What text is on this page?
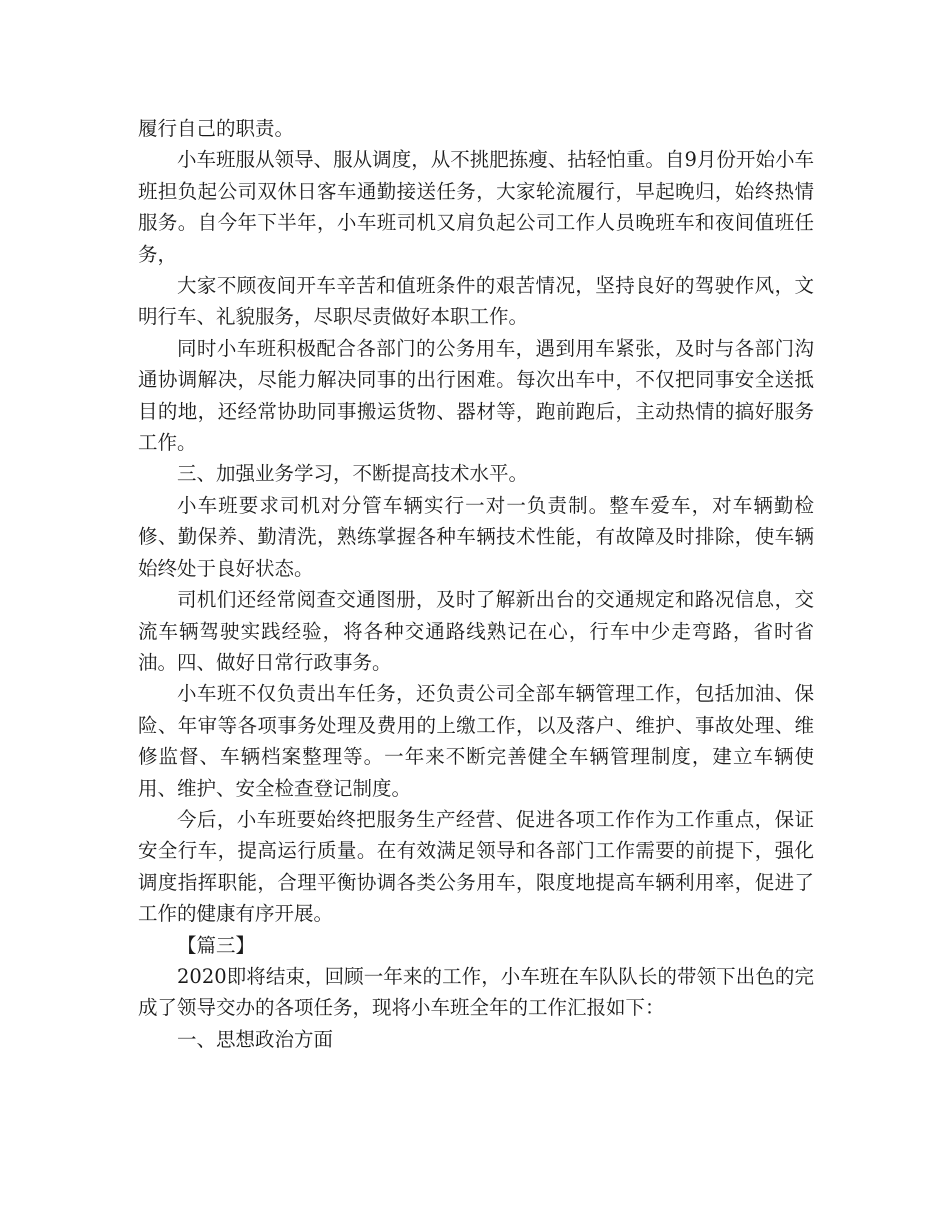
履行自己的职责。

小车班服从领导、服从调度，从不挑肥拣瘦、拈轻怕重。自9月份开始小车班担负起公司双休日客车通勤接送任务，大家轮流履行，早起晚归，始终热情服务。自今年下半年，小车班司机又肩负起公司工作人员晚班车和夜间值班任务，

大家不顾夜间开车辛苦和值班条件的艰苦情况，坚持良好的驾驶作风，文明行车、礼貌服务，尽职尽责做好本职工作。

同时小车班积极配合各部门的公务用车，遇到用车紧张，及时与各部门沟通协调解决，尽能力解决同事的出行困难。每次出车中，不仅把同事安全送抵目的地，还经常协助同事搬运货物、器材等，跑前跑后，主动热情的搞好服务工作。

三、加强业务学习，不断提高技术水平。

小车班要求司机对分管车辆实行一对一负责制。整车爱车，对车辆勤检修、勤保养、勤清洗，熟练掌握各种车辆技术性能，有故障及时排除，使车辆始终处于良好状态。

司机们还经常阅查交通图册，及时了解新出台的交通规定和路况信息，交流车辆驾驶实践经验，将各种交通路线熟记在心，行车中少走弯路，省时省油。四、做好日常行政事务。

小车班不仅负责出车任务，还负责公司全部车辆管理工作，包括加油、保险、年审等各项事务处理及费用的上缴工作，以及落户、维护、事故处理、维修监督、车辆档案整理等。一年来不断完善健全车辆管理制度，建立车辆使用、维护、安全检查登记制度。

今后，小车班要始终把服务生产经营、促进各项工作作为工作重点，保证安全行车，提高运行质量。在有效满足领导和各部门工作需要的前提下，强化调度指挥职能，合理平衡协调各类公务用车，限度地提高车辆利用率，促进了工作的健康有序开展。

【篇三】

2020即将结束，回顾一年来的工作，小车班在车队队长的带领下出色的完成了领导交办的各项任务，现将小车班全年的工作汇报如下：

一、思想政治方面
